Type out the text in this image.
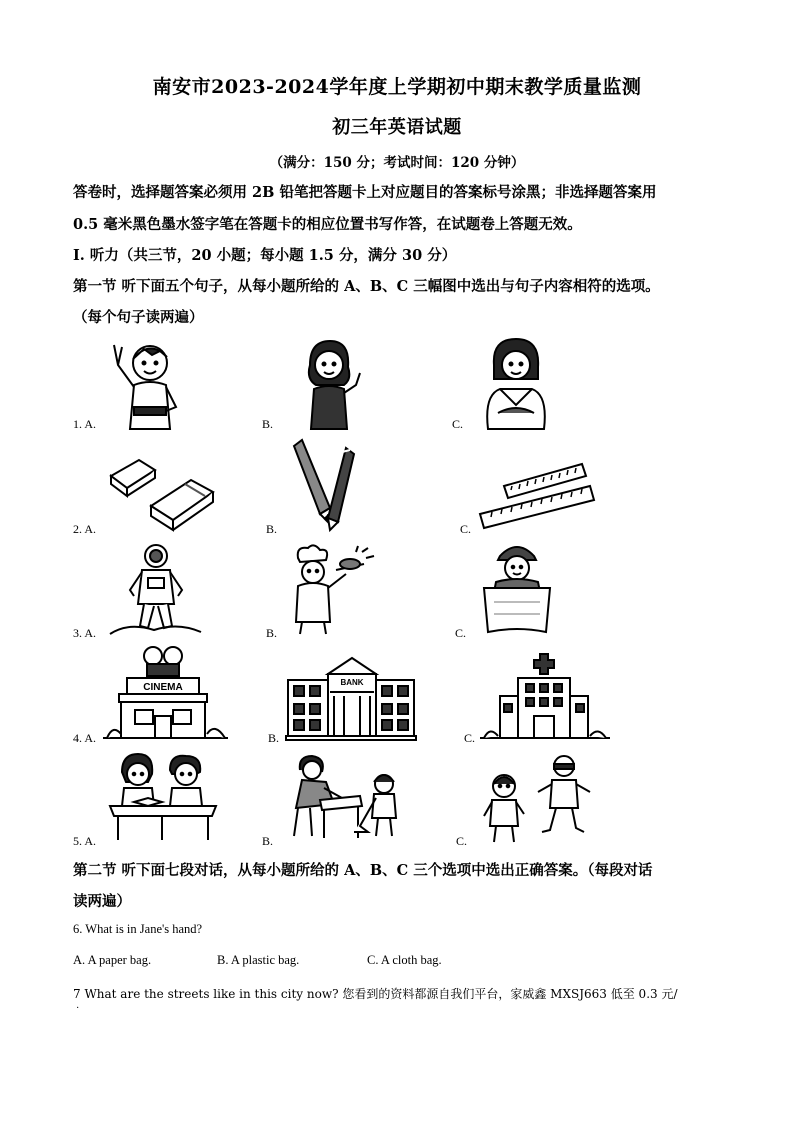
南安市2023-2024学年度上学期初中期末教学质量监测
初三年英语试题
（满分：150 分；考试时间：120 分钟）
答卷时，选择题答案必须用 2B 铅笔把答题卡上对应题目的答案标号涂黑；非选择题答案用
0.5 毫米黑色墨水签字笔在答题卡的相应位置书写作答，在试题卷上答题无效。
I. 听力（共三节，20 小题；每小题 1.5 分，满分 30 分）
第一节 听下面五个句子，从每小题所给的 A、B、C 三幅图中选出与句子内容相符的选项。
（每个句子读两遍）
1. A.	B.	C.
2. A.	B.	C.
3. A.	B.	C.
4. A.
CINEMA
B.
BANK
C.
5. A.	B.	C.
第二节 听下面七段对话，从每小题所给的 A、B、C 三个选项中选出正确答案。（每段对话
读两遍）
6. What is in Jane's hand?
A. A paper bag.	B. A plastic bag.	C. A cloth bag.
7 What are the streets like in this city now? 您看到的资料都源自我们平台，家威鑫 MXSJ663 低至 0.3 元/
·
